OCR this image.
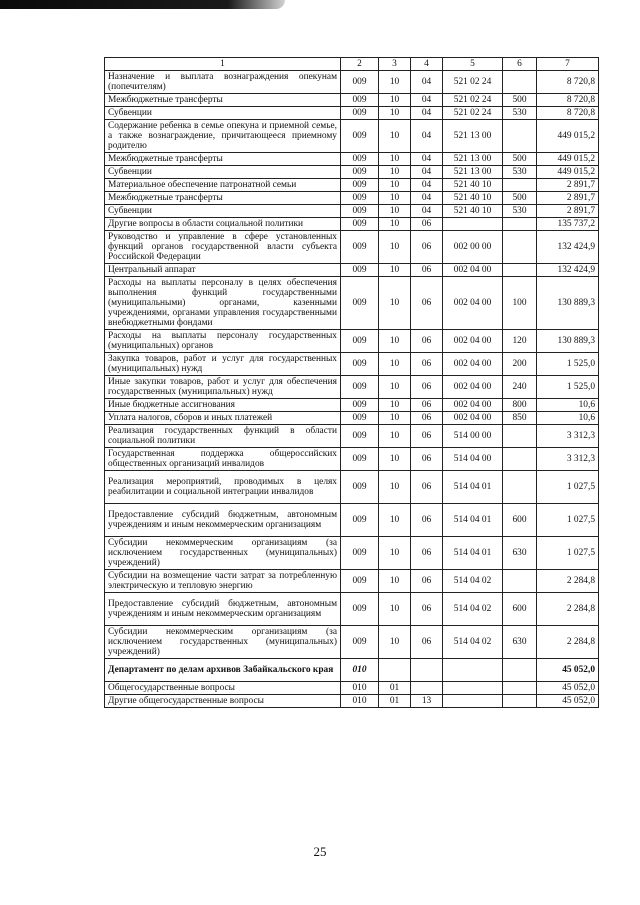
1	2	3	4	5	6	7
Назначение и выплата вознаграждения опекунам (попечителям)	009	10	04	521 02 24		8 720,8
Межбюджетные трансферты	009	10	04	521 02 24	500	8 720,8
Субвенции	009	10	04	521 02 24	530	8 720,8
Содержание ребенка в семье опекуна и приемной семье, а также вознаграждение, причитающееся приемному родителю	009	10	04	521 13 00		449 015,2
Межбюджетные трансферты	009	10	04	521 13 00	500	449 015,2
Субвенции	009	10	04	521 13 00	530	449 015,2
Материальное обеспечение патронатной семьи	009	10	04	521 40 10		2 891,7
Межбюджетные трансферты	009	10	04	521 40 10	500	2 891,7
Субвенции	009	10	04	521 40 10	530	2 891,7
Другие вопросы в области социальной политики	009	10	06			135 737,2
Руководство и управление в сфере установленных функций органов государственной власти субъекта Российской Федерации	009	10	06	002 00 00		132 424,9
Центральный аппарат	009	10	06	002 04 00		132 424,9
Расходы на выплаты персоналу в целях обеспечения выполнения функций государственными (муниципальными) органами, казенными учреждениями, органами управления государственными внебюджетными фондами	009	10	06	002 04 00	100	130 889,3
Расходы на выплаты персоналу государственных (муниципальных) органов	009	10	06	002 04 00	120	130 889,3
Закупка товаров, работ и услуг для государственных (муниципальных) нужд	009	10	06	002 04 00	200	1 525,0
Иные закупки товаров, работ и услуг для обеспечения государственных (муниципальных) нужд	009	10	06	002 04 00	240	1 525,0
Иные бюджетные ассигнования	009	10	06	002 04 00	800	10,6
Уплата налогов, сборов и иных платежей	009	10	06	002 04 00	850	10,6
Реализация государственных функций в области социальной политики	009	10	06	514 00 00		3 312,3
Государственная поддержка общероссийских общественных организаций инвалидов	009	10	06	514 04 00		3 312,3
Реализация мероприятий, проводимых в целях реабилитации и социальной интеграции инвалидов	009	10	06	514 04 01		1 027,5
Предоставление субсидий бюджетным, автономным учреждениям и иным некоммерческим организациям	009	10	06	514 04 01	600	1 027,5
Субсидии некоммерческим организациям (за исключением государственных (муниципальных) учреждений)	009	10	06	514 04 01	630	1 027,5
Субсидии на возмещение части затрат за потребленную электрическую и тепловую энергию	009	10	06	514 04 02		2 284,8
Предоставление субсидий бюджетным, автономным учреждениям и иным некоммерческим организациям	009	10	06	514 04 02	600	2 284,8
Субсидии некоммерческим организациям (за исключением государственных (муниципальных) учреждений)	009	10	06	514 04 02	630	2 284,8
Департамент по делам архивов Забайкальского края	010					45 052,0
Общегосударственные вопросы	010	01				45 052,0
Другие общегосударственные вопросы	010	01	13			45 052,0
25
